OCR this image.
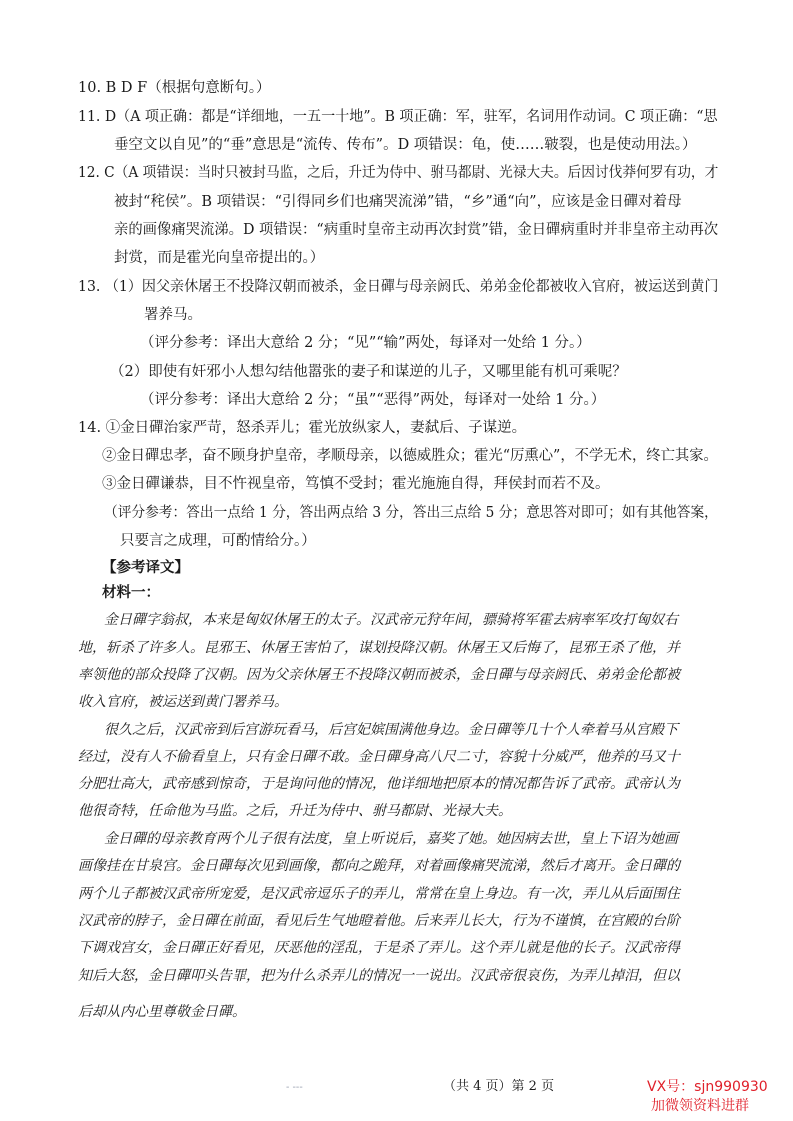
10. B D F（根据句意断句。）
11. D（A 项正确：都是“详细地，一五一十地”。B 项正确：军，驻军，名词用作动词。C 项正确：“思
垂空文以自见”的“垂”意思是“流传、传布”。D 项错误：龟，使……皲裂，也是使动用法。）
12. C（A 项错误：当时只被封马监，之后，升迁为侍中、驸马都尉、光禄大夫。后因讨伐莽何罗有功，才
被封“秺侯”。B 项错误：“引得同乡们也痛哭流涕”错，“乡”通“向”，应该是金日磾对着母
亲的画像痛哭流涕。D 项错误：“病重时皇帝主动再次封赏”错，金日磾病重时并非皇帝主动再次
封赏，而是霍光向皇帝提出的。）
13. （1）因父亲休屠王不投降汉朝而被杀，金日磾与母亲阏氏、弟弟金伦都被收入官府，被运送到黄门
署养马。
（评分参考：译出大意给 2 分；“见”“输”两处，每译对一处给 1 分。）
（2）即使有奸邪小人想勾结他嚣张的妻子和谋逆的儿子，又哪里能有机可乘呢？
（评分参考：译出大意给 2 分；“虽”“恶得”两处，每译对一处给 1 分。）
14. ①金日磾治家严苛，怒杀弄儿；霍光放纵家人，妻弑后、子谋逆。
②金日磾忠孝，奋不顾身护皇帝，孝顺母亲，以德威胜众；霍光“厉熏心”，不学无术，终亡其家。
③金日磾谦恭，目不忤视皇帝，笃慎不受封；霍光施施自得，拜侯封而若不及。
（评分参考：答出一点给 1 分，答出两点给 3 分，答出三点给 5 分；意思答对即可；如有其他答案，
只要言之成理，可酌情给分。）
【参考译文】
材料一：
金日磾字翁叔，本来是匈奴休屠王的太子。汉武帝元狩年间，骠骑将军霍去病率军攻打匈奴右
地，斩杀了许多人。昆邪王、休屠王害怕了，谋划投降汉朝。休屠王又后悔了，昆邪王杀了他，并
率领他的部众投降了汉朝。因为父亲休屠王不投降汉朝而被杀，金日磾与母亲阏氏、弟弟金伦都被
收入官府，被运送到黄门署养马。
很久之后，汉武帝到后宫游玩看马，后宫妃嫔围满他身边。金日磾等几十个人牵着马从宫殿下
经过，没有人不偷看皇上，只有金日磾不敢。金日磾身高八尺二寸，容貌十分威严，他养的马又十
分肥壮高大，武帝感到惊奇，于是询问他的情况，他详细地把原本的情况都告诉了武帝。武帝认为
他很奇特，任命他为马监。之后，升迁为侍中、驸马都尉、光禄大夫。
金日磾的母亲教育两个儿子很有法度，皇上听说后，嘉奖了她。她因病去世，皇上下诏为她画
画像挂在甘泉宫。金日磾每次见到画像，都向之跪拜，对着画像痛哭流涕，然后才离开。金日磾的
两个儿子都被汉武帝所宠爱，是汉武帝逗乐子的弄儿，常常在皇上身边。有一次，弄儿从后面围住
汉武帝的脖子，金日磾在前面，看见后生气地瞪着他。后来弄儿长大，行为不谨慎，在宫殿的台阶
下调戏宫女，金日磾正好看见，厌恶他的淫乱，于是杀了弄儿。这个弄儿就是他的长子。汉武帝得
知后大怒，金日磾叩头告罪，把为什么杀弄儿的情况一一说出。汉武帝很哀伤，为弄儿掉泪，但以
后却从内心里尊敬金日磾。
- ---	（共 4 页）第 2 页	VX号：sjn990930
加微领资料进群
